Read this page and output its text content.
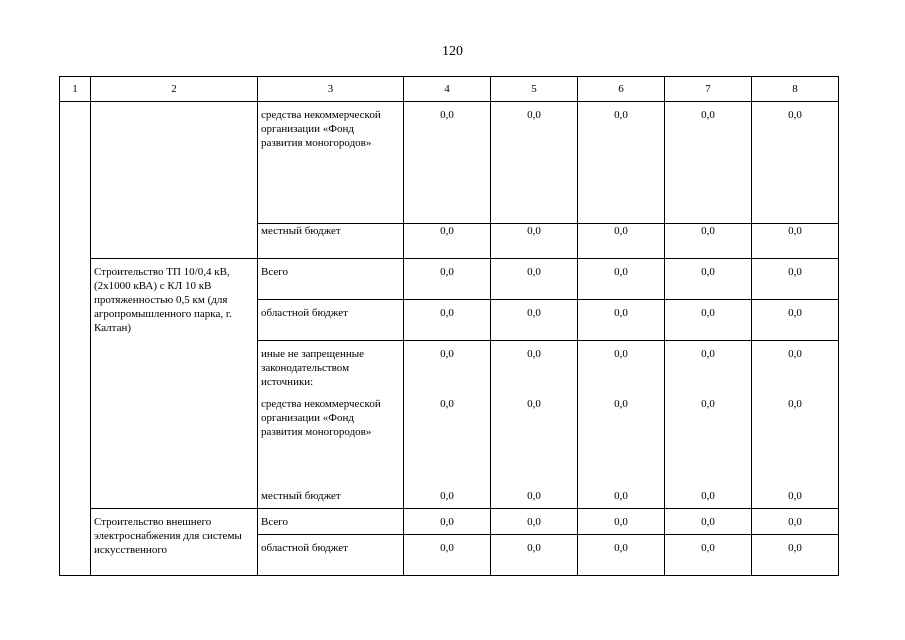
120
1	2	3	4	5	6	7	8
		средства некоммерческой организации «Фонд развития моногородов»	0,0	0,0	0,0	0,0	0,0
		местный бюджет	0,0	0,0	0,0	0,0	0,0
	Строительство ТП 10/0,4 кВ, (2х1000 кВА) с КЛ 10 кВ протяженностью 0,5 км (для агропромышленного парка, г. Калтан)	Всего	0,0	0,0	0,0	0,0	0,0
		областной бюджет	0,0	0,0	0,0	0,0	0,0
		иные не запрещенные законодательством источники:	0,0	0,0	0,0	0,0	0,0
		средства некоммерческой организации «Фонд развития моногородов»	0,0	0,0	0,0	0,0	0,0
		местный бюджет	0,0	0,0	0,0	0,0	0,0
	Строительство внешнего электроснабжения для системы искусственного	Всего	0,0	0,0	0,0	0,0	0,0
		областной бюджет	0,0	0,0	0,0	0,0	0,0
